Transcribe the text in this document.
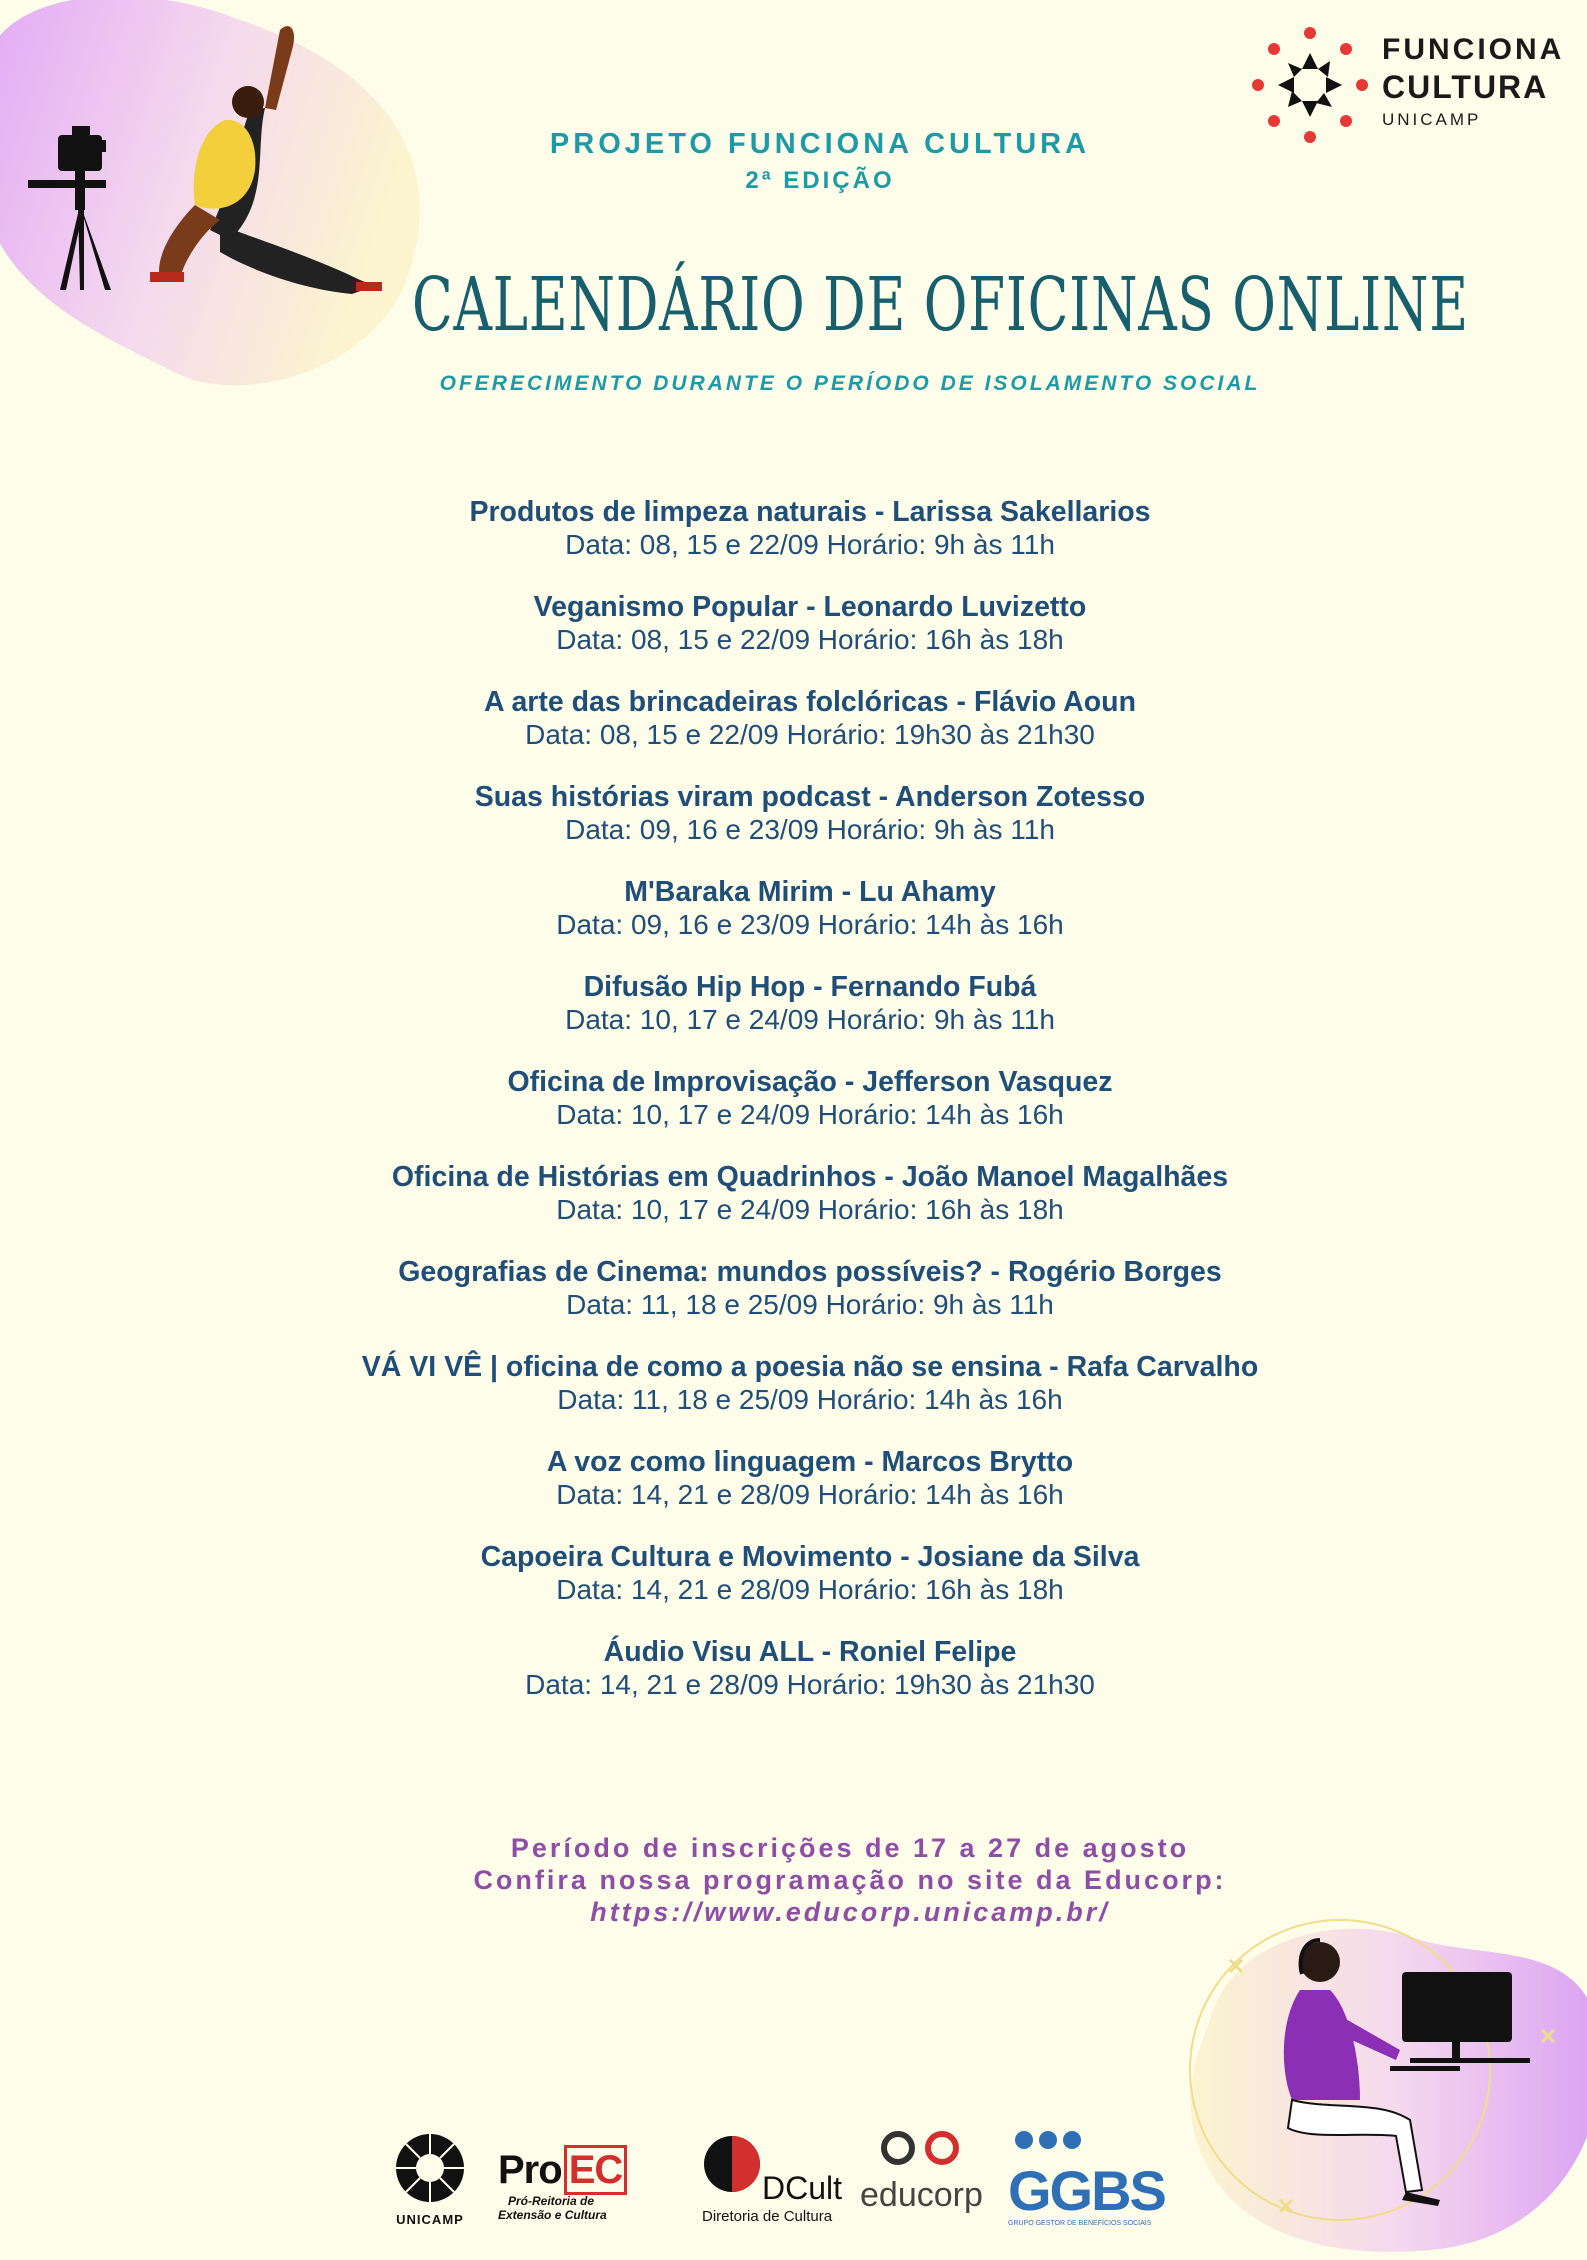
FUNCIONA
CULTURA
UNICAMP
PROJETO FUNCIONA CULTURA
2ª EDIÇÃO
CALENDÁRIO DE OFICINAS ONLINE
OFERECIMENTO DURANTE O PERÍODO DE ISOLAMENTO SOCIAL
Produtos de limpeza naturais - Larissa Sakellarios
Data: 08, 15 e 22/09 Horário: 9h às 11h
Veganismo Popular - Leonardo Luvizetto
Data: 08, 15 e 22/09 Horário: 16h às 18h
A arte das brincadeiras folclóricas - Flávio Aoun
Data: 08, 15 e 22/09 Horário: 19h30 às 21h30
Suas histórias viram podcast - Anderson Zotesso
Data: 09, 16 e 23/09 Horário: 9h às 11h
M'Baraka Mirim - Lu Ahamy
Data: 09, 16 e 23/09 Horário: 14h às 16h
Difusão Hip Hop - Fernando Fubá
Data: 10, 17 e 24/09 Horário: 9h às 11h
Oficina de Improvisação - Jefferson Vasquez
Data: 10, 17 e 24/09 Horário: 14h às 16h
Oficina de Histórias em Quadrinhos - João Manoel Magalhães
Data: 10, 17 e 24/09 Horário: 16h às 18h
Geografias de Cinema: mundos possíveis? - Rogério Borges
Data: 11, 18 e 25/09 Horário: 9h às 11h
VÁ VI VÊ | oficina de como a poesia não se ensina - Rafa Carvalho
Data: 11, 18 e 25/09 Horário: 14h às 16h
A voz como linguagem - Marcos Brytto
Data: 14, 21 e 28/09 Horário: 14h às 16h
Capoeira Cultura e Movimento - Josiane da Silva
Data: 14, 21 e 28/09 Horário: 16h às 18h
Áudio Visu ALL - Roniel Felipe
Data: 14, 21 e 28/09 Horário: 19h30 às 21h30
Período de inscrições de 17 a 27 de agosto
Confira nossa programação no site da Educorp:
https://www.educorp.unicamp.br/
UNICAMP
Pro EC
Pró-Reitoria de
Extensão e Cultura
DCult
Diretoria de Cultura
educorp GGBS
GRUPO GESTOR DE BENEFÍCIOS SOCIAIS
